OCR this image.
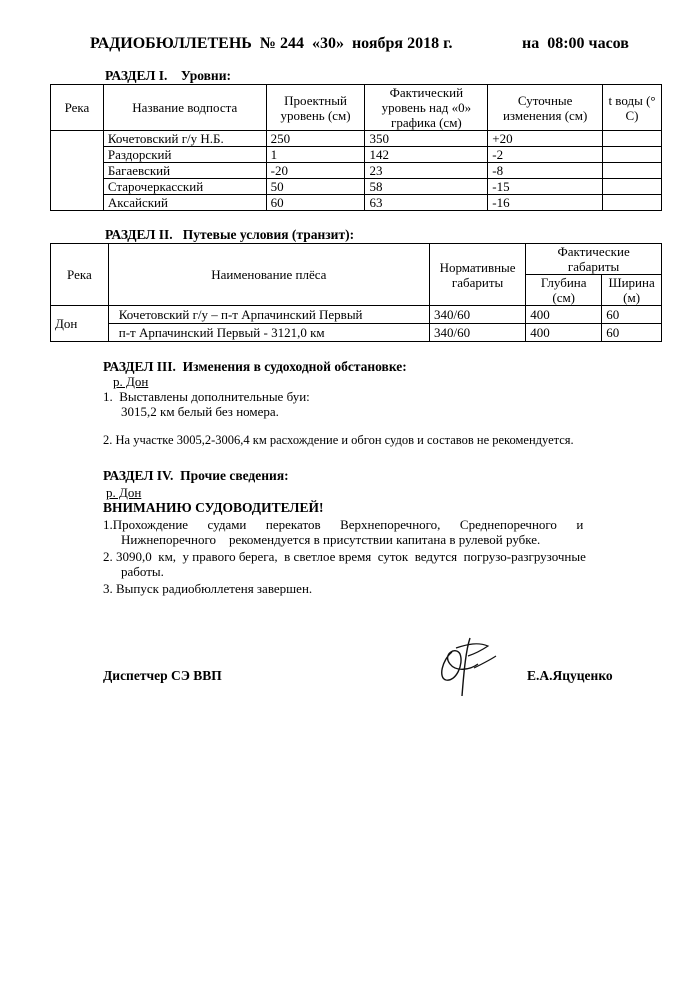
РАДИОБЮЛЛЕТЕНЬ  № 244  «30»  ноября 2018 г.	на  08:00 часов
РАЗДЕЛ I.    Уровни:
Река	Название водпоста	Проектный уровень (см)	Фактический уровень над «0» графика (см)	Суточные изменения (см)	t воды (° С)
	Кочетовский г/у Н.Б.	250	350	+20	
	Раздорский	1	142	-2	
	Багаевский	-20	23	-8	
	Старочеркасский	50	58	-15	
	Аксайский	60	63	-16	
РАЗДЕЛ II.   Путевые условия (транзит):
Река	Наименование плёса	Нормативные габариты	Фактические габариты	
			Глубина (см)	Ширина (м)
Дон	Кочетовский г/у – п-т Арпачинский Первый	340/60	400	60
	п-т Арпачинский Первый - 3121,0 км	340/60	400	60
РАЗДЕЛ III.  Изменения в судоходной обстановке:
р. Дон
1.  Выставлены дополнительные буи:
3015,2 км белый без номера.
2. На участке 3005,2-3006,4 км расхождение и обгон судов и составов не рекомендуется.
РАЗДЕЛ IV.  Прочие сведения:
р. Дон
ВНИМАНИЮ СУДОВОДИТЕЛЕЙ!
1.Прохождение      судами      перекатов      Верхнепоречного,      Среднепоречного      и
Нижнепоречного    рекомендуется в присутствии капитана в рулевой рубке.
2. 3090,0  км,  у правого берега,  в светлое время  суток  ведутся  погрузо-разгрузочные
работы.
3. Выпуск радиобюллетеня завершен.
Диспетчер СЭ ВВП	Е.А.Яцуценко
